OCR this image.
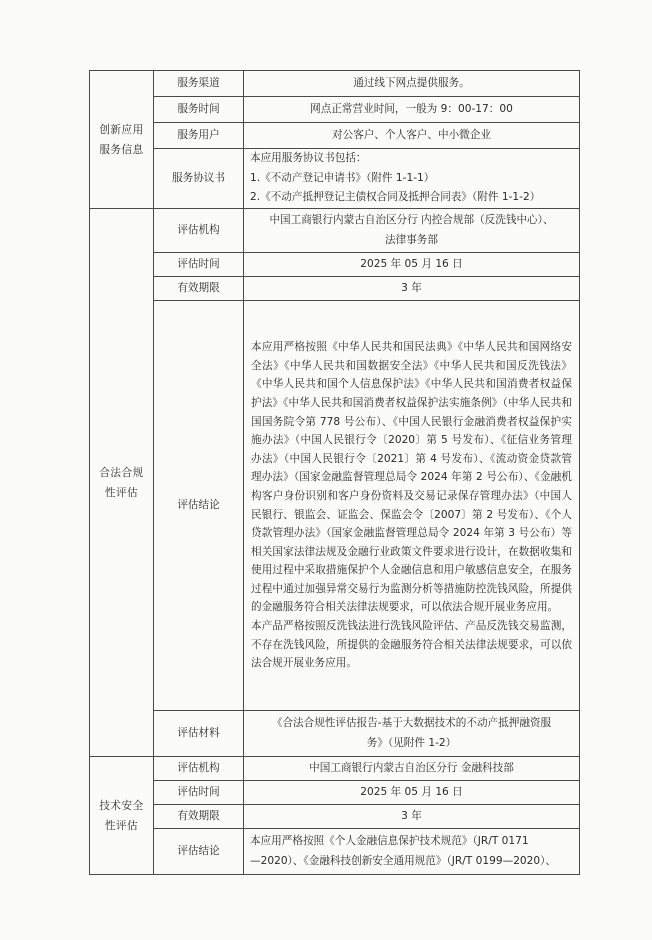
创新应用
服务信息	服务渠道	通过线下网点提供服务。
	服务时间	网点正常营业时间，一般为 9：00-17：00
	服务用户	对公客户、个人客户、中小微企业
	服务协议书	本应用服务协议书包括：
1.《不动产登记申请书》（附件 1-1-1）
2.《不动产抵押登记主债权合同及抵押合同表》（附件 1-1-2）

合法合规
性评估	评估机构	中国工商银行内蒙古自治区分行 内控合规部（反洗钱中心）、
法律事务部

	评估时间	2025 年 05 月 16 日
	有效期限	3 年
	评估结论	本应用严格按照《中华人民共和国民法典》《中华人民共和国网络安全法》《中华人民共和国数据安全法》《中华人民共和国反洗钱法》《中华人民共和国个人信息保护法》《中华人民共和国消费者权益保护法》《中华人民共和国消费者权益保护法实施条例》（中华人民共和国国务院令第 778 号公布）、《中国人民银行金融消费者权益保护实施办法》（中国人民银行令〔2020〕第 5 号发布）、《征信业务管理办法》（中国人民银行令〔2021〕第 4 号发布）、《流动资金贷款管理办法》（国家金融监督管理总局令 2024 年第 2 号公布）、《金融机构客户身份识别和客户身份资料及交易记录保存管理办法》（中国人民银行、银监会、证监会、保监会令〔2007〕第 2 号发布）、《个人贷款管理办法》（国家金融监督管理总局令 2024 年第 3 号公布）等相关国家法律法规及金融行业政策文件要求进行设计，在数据收集和使用过程中采取措施保护个人金融信息和用户敏感信息安全，在服务过程中通过加强异常交易行为监测分析等措施防控洗钱风险，所提供的金融服务符合相关法律法规要求，可以依法合规开展业务应用。
本产品严格按照反洗钱法进行洗钱风险评估、产品反洗钱交易监测，不存在洗钱风险，所提供的金融服务符合相关法律法规要求，可以依法合规开展业务应用。

	评估材料	《合法合规性评估报告-基于大数据技术的不动产抵押融资服
务》（见附件 1-2）

技术安全
性评估	评估机构	中国工商银行内蒙古自治区分行 金融科技部
	评估时间	2025 年 05 月 16 日
	有效期限	3 年
	评估结论	本应用严格按照《个人金融信息保护技术规范》（JR/T 0171
—2020）、《金融科技创新安全通用规范》（JR/T 0199—2020）、
